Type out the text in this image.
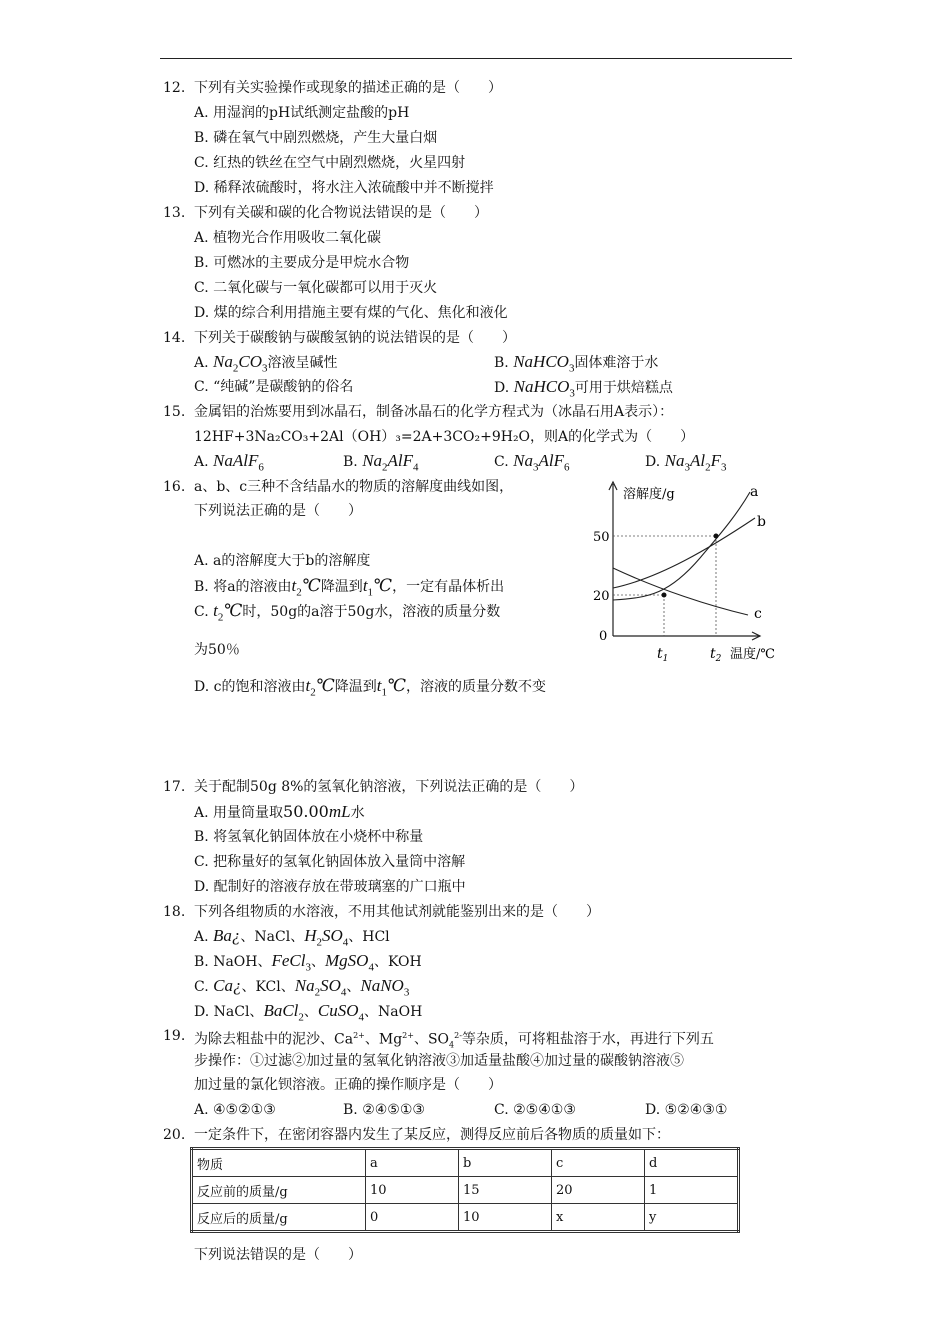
12. 下列有关实验操作或现象的描述正确的是（　　）
A. 用湿润的pH试纸测定盐酸的pH
B. 磷在氧气中剧烈燃烧，产生大量白烟
C. 红热的铁丝在空气中剧烈燃烧，火星四射
D. 稀释浓硫酸时，将水注入浓硫酸中并不断搅拌
13. 下列有关碳和碳的化合物说法错误的是（　　）
A. 植物光合作用吸收二氧化碳
B. 可燃冰的主要成分是甲烷水合物
C. 二氧化碳与一氧化碳都可以用于灭火
D. 煤的综合利用措施主要有煤的气化、焦化和液化
14. 下列关于碳酸钠与碳酸氢钠的说法错误的是（　　）
A. $Na_2CO_3$溶液呈碱性	B. NaHCO$_3$固体难溶于水
C. “纯碱”是碳酸钠的俗名	D. NaHCO$_3$可用于烘焙糕点
15. 金属铝的治炼要用到冰晶石，制备冰晶石的化学方程式为（冰晶石用A表示）：
12HF+3Na₂CO₃+2Al（OH）₃=2A+3CO₂+9H₂O，则A的化学式为（　　）
A. NaAlF$_6$	B. $Na_2AlF_4$	C. $Na_3AlF_6$	D. $Na_3Al_2F_3$
16. a、b、c三种不含结晶水的物质的溶解度曲线如图，
下列说法正确的是（　　）
A. a的溶解度大于b的溶解度
B. 将a的溶液由$t_2℃$降温到$t_1℃$，一定有晶体析出
C. $t_2℃$时，50g的a溶于50g水，溶液的质量分数
为50％
D. c的饱和溶液由$t_2℃$降温到$t_1℃$，溶液的质量分数不变
溶解度/g
50
20
0
$t_1$	$t_2$ 温度/℃
a
b
c
17. 关于配制50g 8%的氢氧化钠溶液，下列说法正确的是（　　）
A. 用量筒量取50.00mL水
B. 将氢氧化钠固体放在小烧杯中称量
C. 把称量好的氢氧化钠固体放入量筒中溶解
D. 配制好的溶液存放在带玻璃塞的广口瓶中
18. 下列各组物质的水溶液，不用其他试剂就能鉴别出来的是（　　）
A. Ba¿、NaCl、$H_2SO_4$、HCl
B. NaOH、FeCl$_3$、MgSO$_4$、KOH
C. Ca¿、KCl、$Na_2SO_4$、NaNO$_3$
D. NaCl、BaCl$_2$、CuSO$_4$、NaOH
19. 为除去粗盐中的泥沙、$Ca^{2+}$、$Mg^{2+}$、$SO_4^{2-}$等杂质，可将粗盐溶于水，再进行下列五
步操作：①过滤②加过量的氢氧化钠溶液③加适量盐酸④加过量的碳酸钠溶液⑤
加过量的氯化钡溶液。正确的操作顺序是（　　）
A. ④⑤②①③	B. ②④⑤①③	C. ②⑤④①③	D. ⑤②④③①
20. 一定条件下，在密闭容器内发生了某反应，测得反应前后各物质的质量如下：
物质	a	b	c	d
反应前的质量/g	10	15	20	1
反应后的质量/g	0	10	x	y
下列说法错误的是（　　）
